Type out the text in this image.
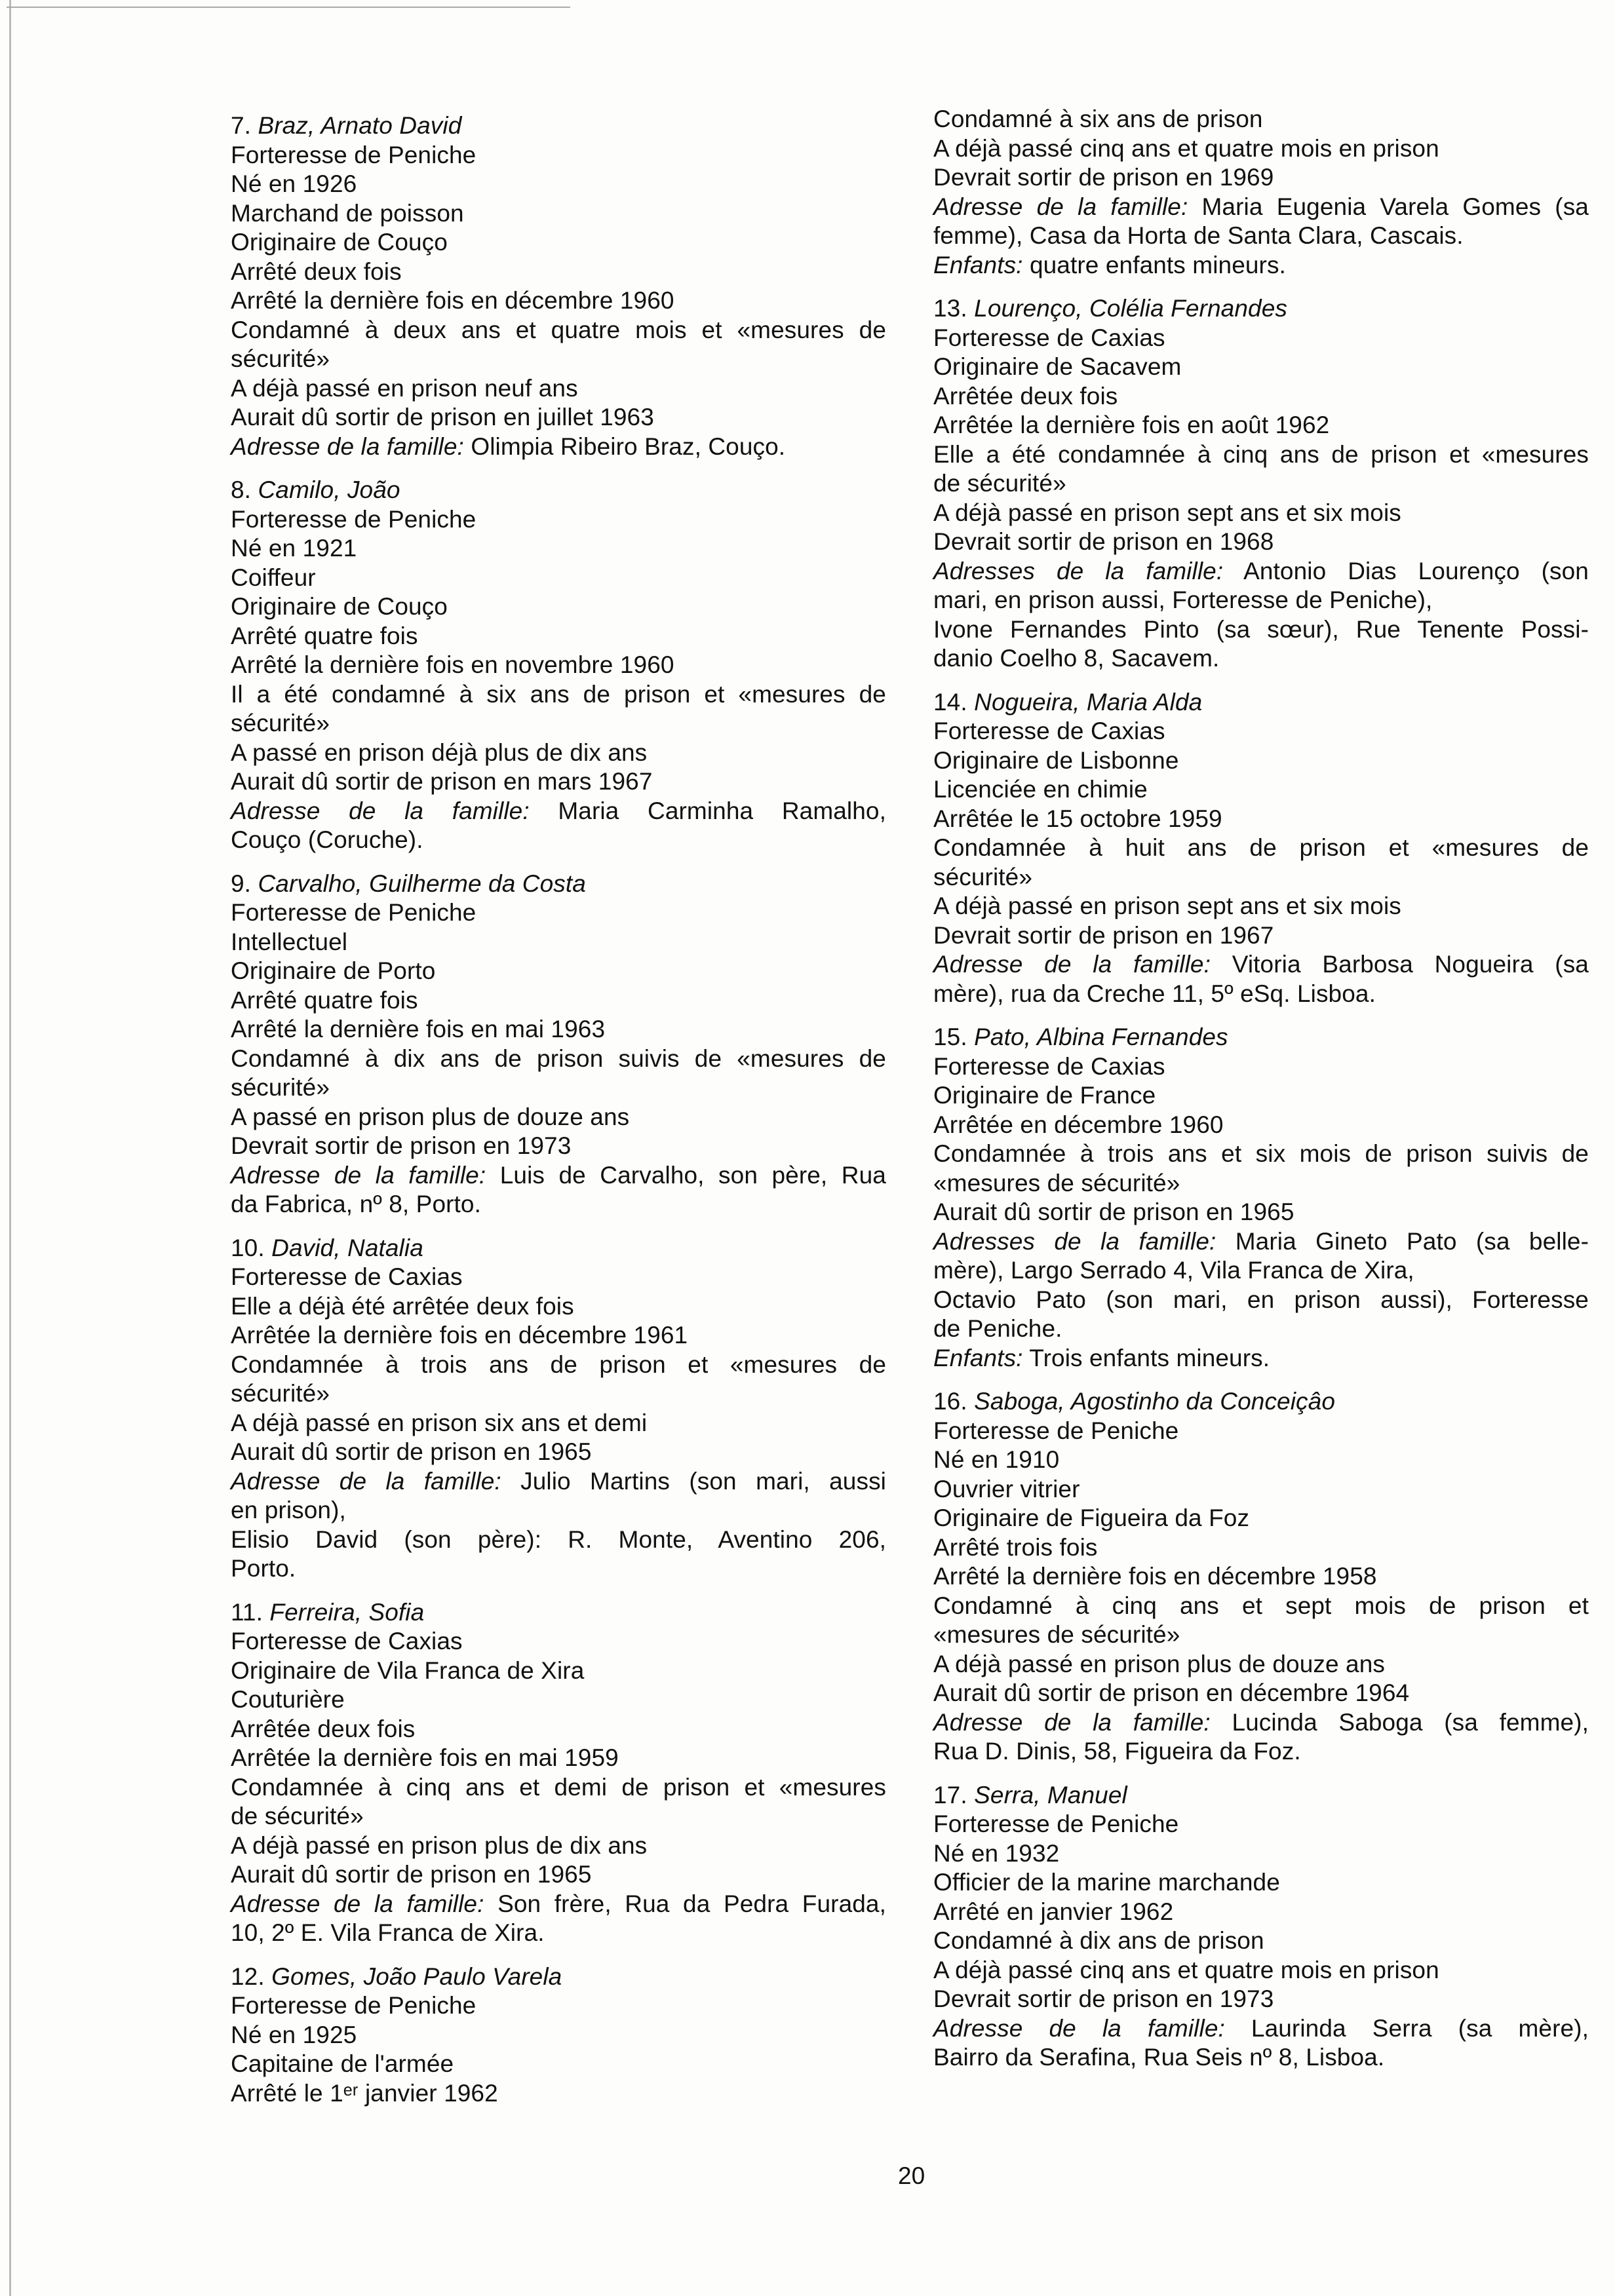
7. Braz, Arnato David
Forteresse de Peniche
Né en 1926
Marchand de poisson
Originaire de Couço
Arrêté deux fois
Arrêté la dernière fois en décembre 1960
Condamné à deux ans et quatre mois et «mesures de
sécurité»
A déjà passé en prison neuf ans
Aurait dû sortir de prison en juillet 1963
Adresse de la famille: Olimpia Ribeiro Braz, Couço.
8. Camilo, João
Forteresse de Peniche
Né en 1921
Coiffeur
Originaire de Couço
Arrêté quatre fois
Arrêté la dernière fois en novembre 1960
Il a été condamné à six ans de prison et «mesures de
sécurité»
A passé en prison déjà plus de dix ans
Aurait dû sortir de prison en mars 1967
Adresse de la famille: Maria Carminha Ramalho,
Couço (Coruche).
9. Carvalho, Guilherme da Costa
Forteresse de Peniche
Intellectuel
Originaire de Porto
Arrêté quatre fois
Arrêté la dernière fois en mai 1963
Condamné à dix ans de prison suivis de «mesures de
sécurité»
A passé en prison plus de douze ans
Devrait sortir de prison en 1973
Adresse de la famille: Luis de Carvalho, son père, Rua
da Fabrica, nº 8, Porto.
10. David, Natalia
Forteresse de Caxias
Elle a déjà été arrêtée deux fois
Arrêtée la dernière fois en décembre 1961
Condamnée à trois ans de prison et «mesures de
sécurité»
A déjà passé en prison six ans et demi
Aurait dû sortir de prison en 1965
Adresse de la famille: Julio Martins (son mari, aussi
en prison),
Elisio David (son père): R. Monte, Aventino 206,
Porto.
11. Ferreira, Sofia
Forteresse de Caxias
Originaire de Vila Franca de Xira
Couturière
Arrêtée deux fois
Arrêtée la dernière fois en mai 1959
Condamnée à cinq ans et demi de prison et «mesures
de sécurité»
A déjà passé en prison plus de dix ans
Aurait dû sortir de prison en 1965
Adresse de la famille: Son frère, Rua da Pedra Furada,
10, 2º E. Vila Franca de Xira.
12. Gomes, João Paulo Varela
Forteresse de Peniche
Né en 1925
Capitaine de l'armée
Arrêté le 1ᵉʳ janvier 1962
Condamné à six ans de prison
A déjà passé cinq ans et quatre mois en prison
Devrait sortir de prison en 1969
Adresse de la famille: Maria Eugenia Varela Gomes (sa
femme), Casa da Horta de Santa Clara, Cascais.
Enfants: quatre enfants mineurs.
13. Lourenço, Colélia Fernandes
Forteresse de Caxias
Originaire de Sacavem
Arrêtée deux fois
Arrêtée la dernière fois en août 1962
Elle a été condamnée à cinq ans de prison et «mesures
de sécurité»
A déjà passé en prison sept ans et six mois
Devrait sortir de prison en 1968
Adresses de la famille: Antonio Dias Lourenço (son
mari, en prison aussi, Forteresse de Peniche),
Ivone Fernandes Pinto (sa sœur), Rue Tenente Possi-
danio Coelho 8, Sacavem.
14. Nogueira, Maria Alda
Forteresse de Caxias
Originaire de Lisbonne
Licenciée en chimie
Arrêtée le 15 octobre 1959
Condamnée à huit ans de prison et «mesures de
sécurité»
A déjà passé en prison sept ans et six mois
Devrait sortir de prison en 1967
Adresse de la famille: Vitoria Barbosa Nogueira (sa
mère), rua da Creche 11, 5º eSq. Lisboa.
15. Pato, Albina Fernandes
Forteresse de Caxias
Originaire de France
Arrêtée en décembre 1960
Condamnée à trois ans et six mois de prison suivis de
«mesures de sécurité»
Aurait dû sortir de prison en 1965
Adresses de la famille: Maria Gineto Pato (sa belle-
mère), Largo Serrado 4, Vila Franca de Xira,
Octavio Pato (son mari, en prison aussi), Forteresse
de Peniche.
Enfants: Trois enfants mineurs.
16. Saboga, Agostinho da Conceiçâo
Forteresse de Peniche
Né en 1910
Ouvrier vitrier
Originaire de Figueira da Foz
Arrêté trois fois
Arrêté la dernière fois en décembre 1958
Condamné à cinq ans et sept mois de prison et
«mesures de sécurité»
A déjà passé en prison plus de douze ans
Aurait dû sortir de prison en décembre 1964
Adresse de la famille: Lucinda Saboga (sa femme),
Rua D. Dinis, 58, Figueira da Foz.
17. Serra, Manuel
Forteresse de Peniche
Né en 1932
Officier de la marine marchande
Arrêté en janvier 1962
Condamné à dix ans de prison
A déjà passé cinq ans et quatre mois en prison
Devrait sortir de prison en 1973
Adresse de la famille: Laurinda Serra (sa mère),
Bairro da Serafina, Rua Seis nº 8, Lisboa.
20
